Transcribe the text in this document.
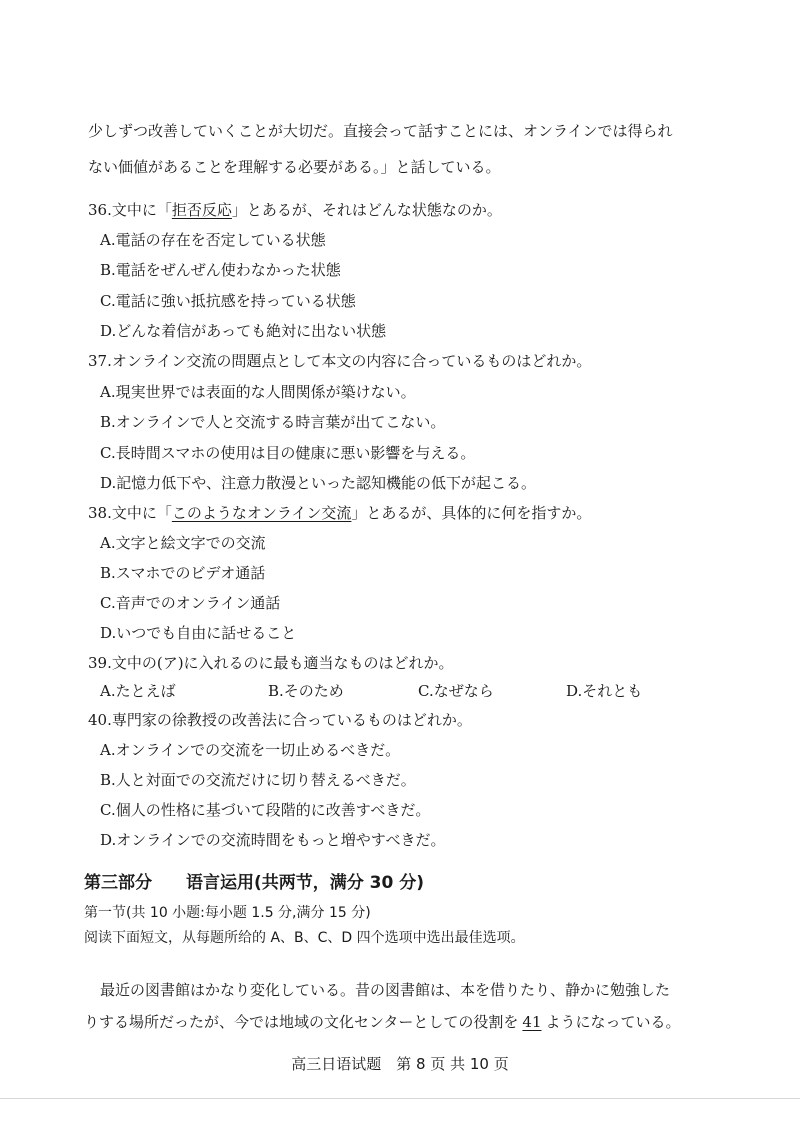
少しずつ改善していくことが大切だ。直接会って話すことには、オンラインでは得られ
ない価値があることを理解する必要がある。」と話している。
36.文中に「拒否反応」とあるが、それはどんな状態なのか。
A.電話の存在を否定している状態
B.電話をぜんぜん使わなかった状態
C.電話に強い抵抗感を持っている状態
D.どんな着信があっても絶対に出ない状態
37.オンライン交流の問題点として本文の内容に合っているものはどれか。
A.現実世界では表面的な人間関係が築けない。
B.オンラインで人と交流する時言葉が出てこない。
C.長時間スマホの使用は目の健康に悪い影響を与える。
D.記憶力低下や、注意力散漫といった認知機能の低下が起こる。
38.文中に「このようなオンライン交流」とあるが、具体的に何を指すか。
A.文字と絵文字での交流
B.スマホでのビデオ通話
C.音声でのオンライン通話
D.いつでも自由に話せること
39.文中の(ア)に入れるのに最も適当なものはどれか。
A.たとえば	B.そのため	C.なぜなら	D.それとも
40.専門家の徐教授の改善法に合っているものはどれか。
A.オンラインでの交流を一切止めるべきだ。
B.人と対面での交流だけに切り替えるべきだ。
C.個人の性格に基づいて段階的に改善すべきだ。
D.オンラインでの交流時間をもっと増やすべきだ。
第三部分　　语言运用(共两节，满分 30 分)
第一节(共 10 小题:每小题 1.5 分,满分 15 分)
阅读下面短文，从每题所给的 A、B、C、D 四个选项中选出最佳选项。
最近の図書館はかなり変化している。昔の図書館は、本を借りたり、静かに勉強した
りする場所だったが、今では地域の文化センターとしての役割を 41 ようになっている。
高三日语试题　第 8 页 共 10 页
